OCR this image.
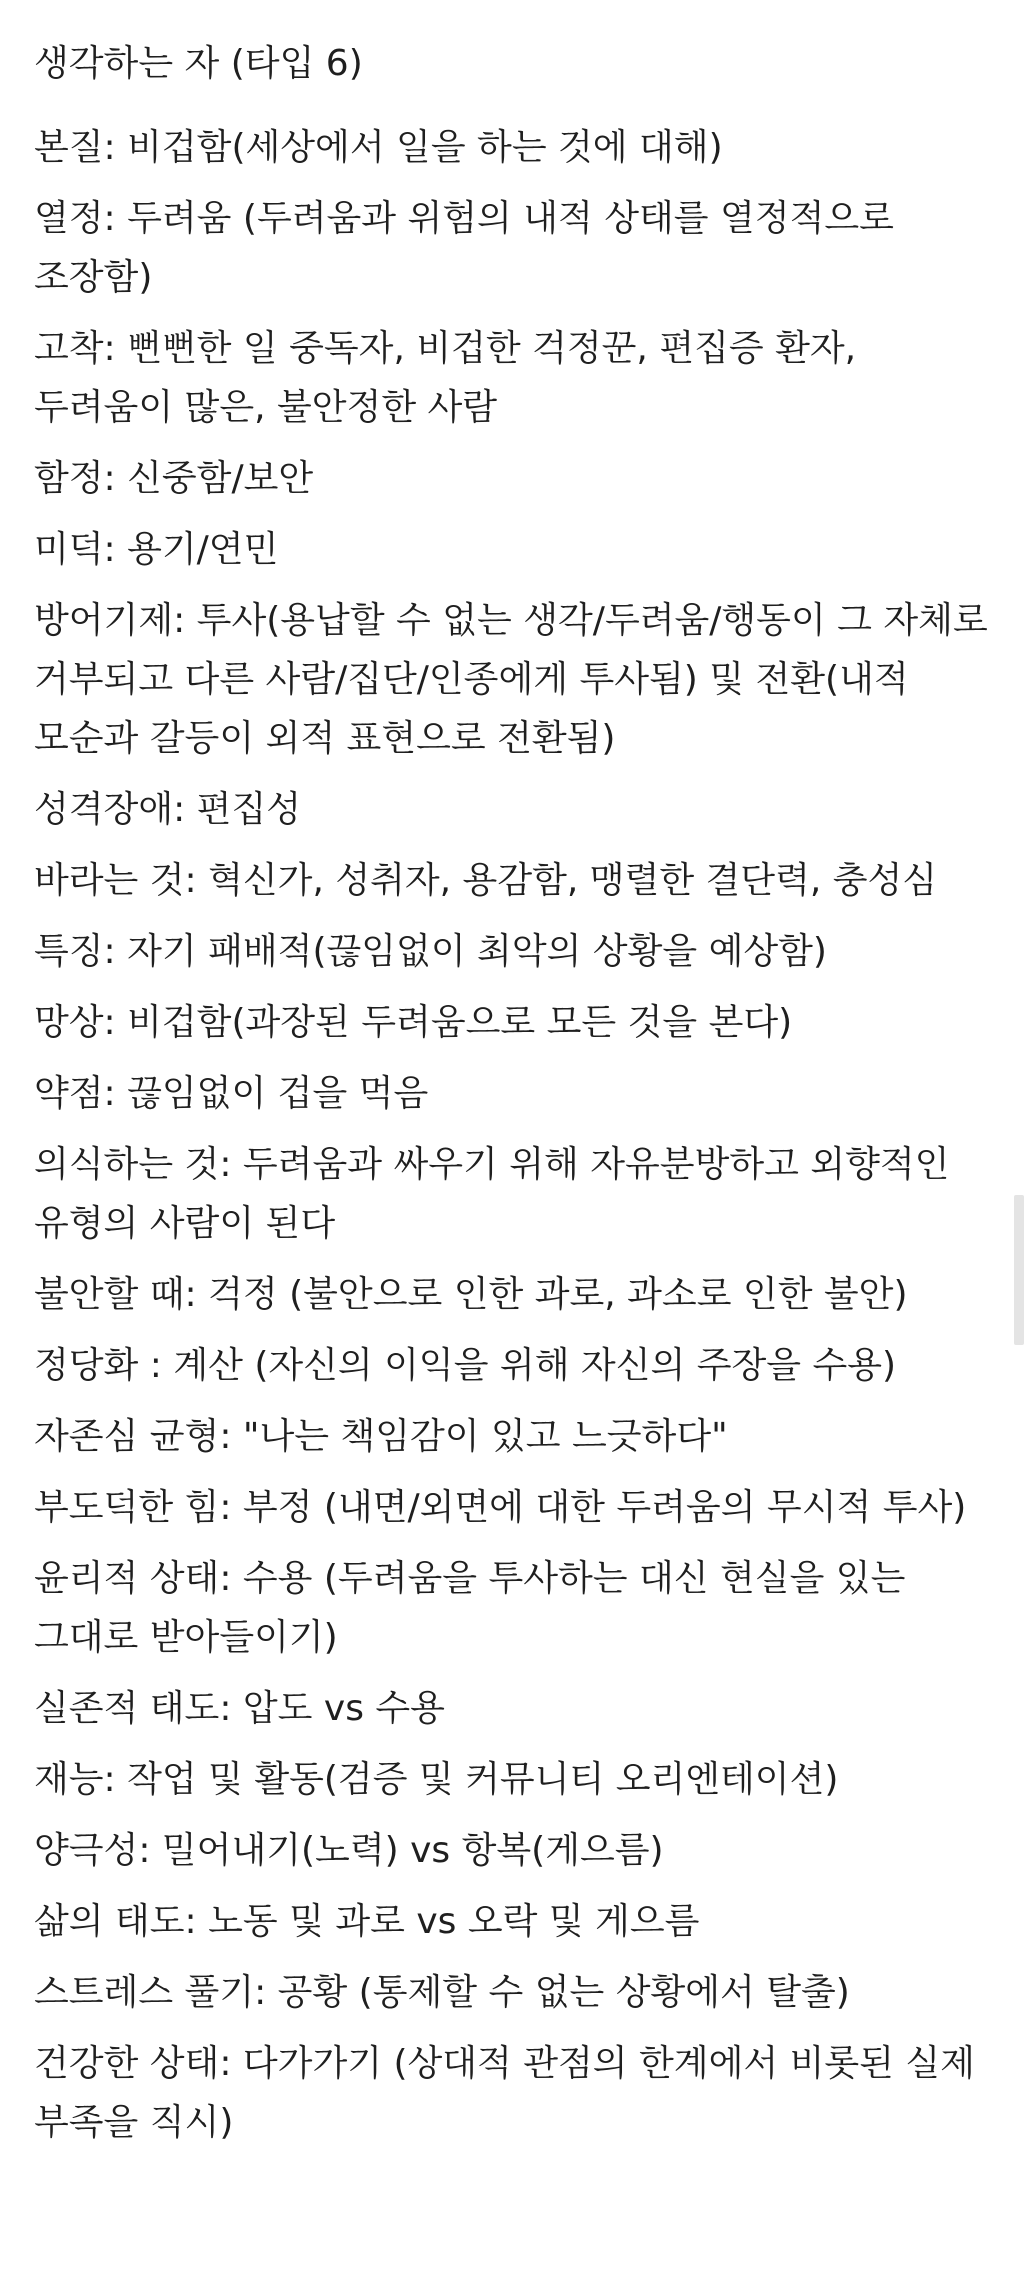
생각하는 자 (타입 6)
본질: 비겁함(세상에서 일을 하는 것에 대해)
열정: 두려움 (두려움과 위험의 내적 상태를 열정적으로 조장함)
고착: 뻔뻔한 일 중독자, 비겁한 걱정꾼, 편집증 환자, 두려움이 많은, 불안정한 사람
함정: 신중함/보안
미덕: 용기/연민
방어기제: 투사(용납할 수 없는 생각/두려움/행동이 그 자체로 거부되고 다른 사람/집단/인종에게 투사됨) 및 전환(내적 모순과 갈등이 외적 표현으로 전환됨)
성격장애: 편집성
바라는 것: 혁신가, 성취자, 용감함, 맹렬한 결단력, 충성심
특징: 자기 패배적(끊임없이 최악의 상황을 예상함)
망상: 비겁함(과장된 두려움으로 모든 것을 본다)
약점: 끊임없이 겁을 먹음
의식하는 것: 두려움과 싸우기 위해 자유분방하고 외향적인 유형의 사람이 된다
불안할 때: 걱정 (불안으로 인한 과로, 과소로 인한 불안)
정당화 : 계산 (자신의 이익을 위해 자신의 주장을 수용)
자존심 균형: "나는 책임감이 있고 느긋하다"
부도덕한 힘: 부정 (내면/외면에 대한 두려움의 무시적 투사)
윤리적 상태: 수용 (두려움을 투사하는 대신 현실을 있는 그대로 받아들이기)
실존적 태도: 압도 vs 수용
재능: 작업 및 활동(검증 및 커뮤니티 오리엔테이션)
양극성: 밀어내기(노력) vs 항복(게으름)
삶의 태도: 노동 및 과로 vs 오락 및 게으름
스트레스 풀기: 공황 (통제할 수 없는 상황에서 탈출)
건강한 상태: 다가가기 (상대적 관점의 한계에서 비롯된 실제 부족을 직시)
